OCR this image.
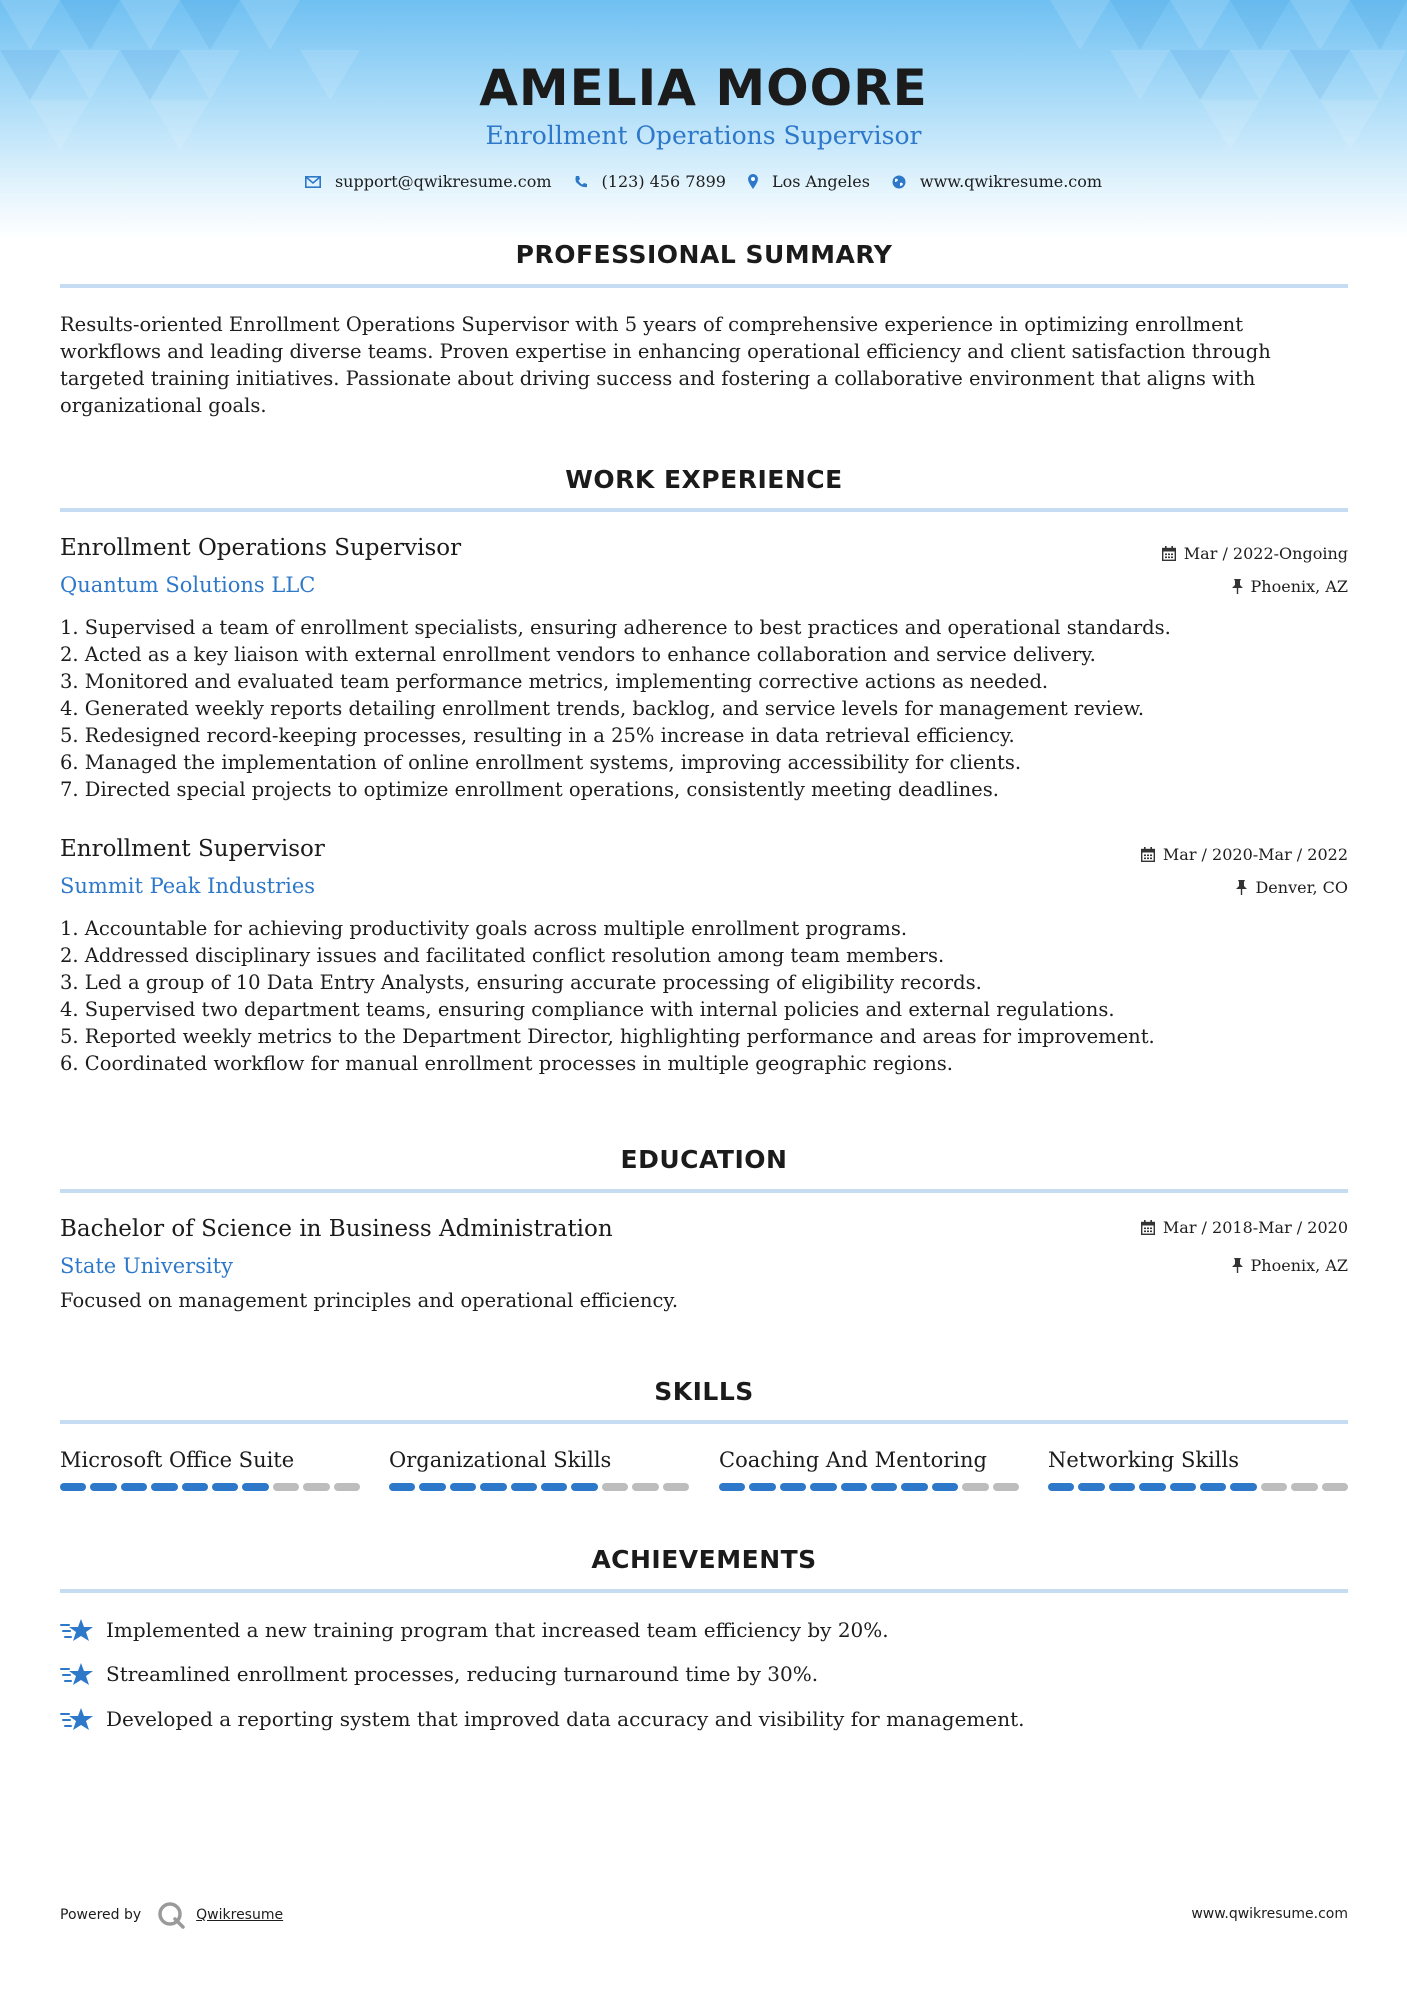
AMELIA MOORE
Enrollment Operations Supervisor
support@qwikresume.com	(123) 456 7899	Los Angeles	www.qwikresume.com
PROFESSIONAL SUMMARY
Results-oriented Enrollment Operations Supervisor with 5 years of comprehensive experience in optimizing enrollment workflows and leading diverse teams. Proven expertise in enhancing operational efficiency and client satisfaction through targeted training initiatives. Passionate about driving success and fostering a collaborative environment that aligns with organizational goals.
WORK EXPERIENCE
Enrollment Operations Supervisor
Quantum Solutions LLC
Mar / 2022-Ongoing
Phoenix, AZ
1. Supervised a team of enrollment specialists, ensuring adherence to best practices and operational standards.
2. Acted as a key liaison with external enrollment vendors to enhance collaboration and service delivery.
3. Monitored and evaluated team performance metrics, implementing corrective actions as needed.
4. Generated weekly reports detailing enrollment trends, backlog, and service levels for management review.
5. Redesigned record-keeping processes, resulting in a 25% increase in data retrieval efficiency.
6. Managed the implementation of online enrollment systems, improving accessibility for clients.
7. Directed special projects to optimize enrollment operations, consistently meeting deadlines.
Enrollment Supervisor
Summit Peak Industries
Mar / 2020-Mar / 2022
Denver, CO
1. Accountable for achieving productivity goals across multiple enrollment programs.
2. Addressed disciplinary issues and facilitated conflict resolution among team members.
3. Led a group of 10 Data Entry Analysts, ensuring accurate processing of eligibility records.
4. Supervised two department teams, ensuring compliance with internal policies and external regulations.
5. Reported weekly metrics to the Department Director, highlighting performance and areas for improvement.
6. Coordinated workflow for manual enrollment processes in multiple geographic regions.
EDUCATION
Bachelor of Science in Business Administration
State University
Mar / 2018-Mar / 2020
Phoenix, AZ
Focused on management principles and operational efficiency.
SKILLS
Microsoft Office Suite	Organizational Skills	Coaching And Mentoring	Networking Skills
ACHIEVEMENTS
Implemented a new training program that increased team efficiency by 20%.
Streamlined enrollment processes, reducing turnaround time by 30%.
Developed a reporting system that improved data accuracy and visibility for management.
Powered by	Qwikresume	www.qwikresume.com
